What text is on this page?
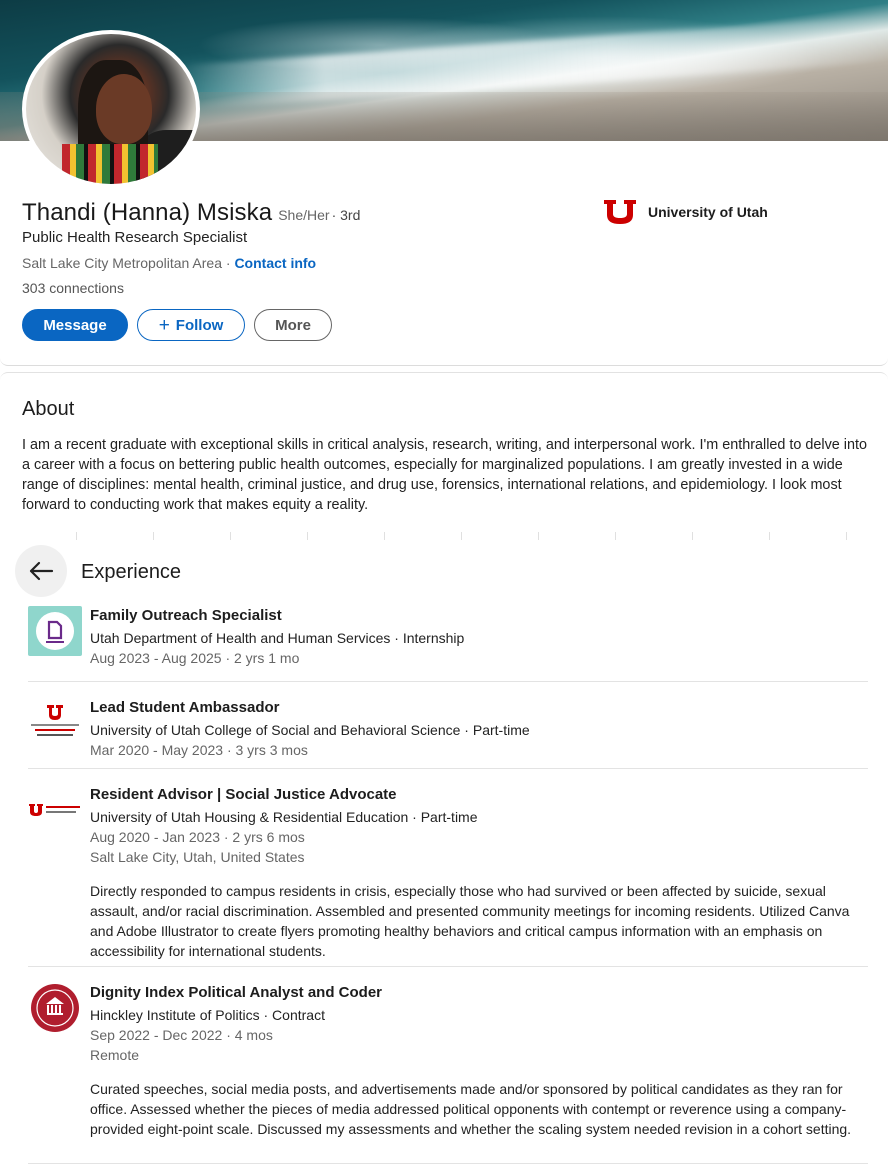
Thandi (Hanna) Msiska She/Her · 3rd
Public Health Research Specialist
Salt Lake City Metropolitan Area · Contact info
303 connections
Message	+ Follow	More
University of Utah
About
I am a recent graduate with exceptional skills in critical analysis, research, writing, and interpersonal work. I'm enthralled to delve into a career with a focus on bettering public health outcomes, especially for marginalized populations. I am greatly invested in a wide range of disciplines: mental health, criminal justice, and drug use, forensics, international relations, and epidemiology. I look most forward to conducting work that makes equity a reality.
Experience
Family Outreach Specialist
Utah Department of Health and Human Services · Internship
Aug 2023 - Aug 2025 · 2 yrs 1 mo
Lead Student Ambassador
University of Utah College of Social and Behavioral Science · Part-time
Mar 2020 - May 2023 · 3 yrs 3 mos
Resident Advisor | Social Justice Advocate
University of Utah Housing & Residential Education · Part-time
Aug 2020 - Jan 2023 · 2 yrs 6 mos
Salt Lake City, Utah, United States
Directly responded to campus residents in crisis, especially those who had survived or been affected by suicide, sexual assault, and/or racial discrimination. Assembled and presented community meetings for incoming residents. Utilized Canva and Adobe Illustrator to create flyers promoting healthy behaviors and critical campus information with an emphasis on accessibility for international students.
Dignity Index Political Analyst and Coder
Hinckley Institute of Politics · Contract
Sep 2022 - Dec 2022 · 4 mos
Remote
Curated speeches, social media posts, and advertisements made and/or sponsored by political candidates as they ran for office. Assessed whether the pieces of media addressed political opponents with contempt or reverence using a company-provided eight-point scale. Discussed my assessments and whether the scaling system needed revision in a cohort setting.
